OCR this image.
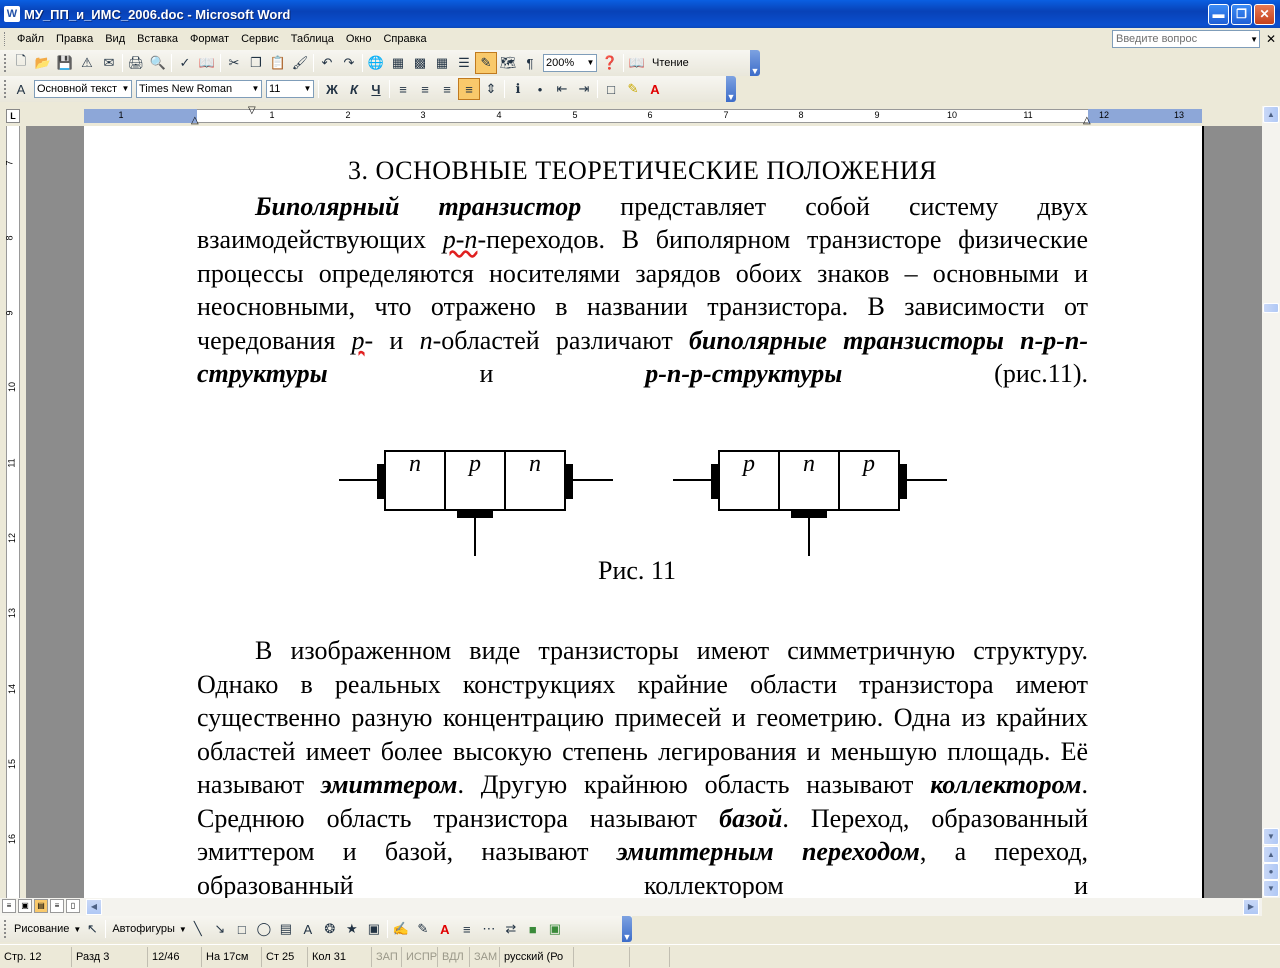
W МУ_ПП_и_ИМС_2006.doc - Microsoft Word	▬ ❐	✕
Файл	Правка	Вид	Вставка	Формат	Сервис	Таблица	Окно	Справка	Введите вопрос	▼ ✕
🗋 📂 💾 ⚠ ✉	🖨 🔍	✓ 📖	✂ ❐ 📋 🖌	↶ ↷	🌐 ▦ ▩ ▦ ☰ ✎ 🗺 ¶	200% ▼ ❓ 📖 Чтение
▼
A	Основной текст ▼ Times New Roman ▼ 11	▼	Ж К	Ч	≡	≡	≡	≡ ⇕	ℹ	•	⇤ ⇥	□ ✎ A
▼
L	1	1	2	3	4	5	6	7	8	9	10	11	12	13
△
▽
△
7
8
9
10
11
12
13
14
15
16
3. ОСНОВНЫЕ ТЕОРЕТИЧЕСКИЕ ПОЛОЖЕНИЯ
Биполярный транзистор представляет собой систему двух взаимодействующих p-n-переходов. В биполярном транзисторе физические процессы определяются носителями зарядов обоих знаков – основными и неосновными, что отражено в названии транзистора. В зависимости от чередования p- и n-областей различают биполярные транзисторы n-p-n-структуры и p-n-p-структуры (рис.11).
n p n	p n p
Рис. 11
В изображенном виде транзисторы имеют симметричную структуру. Однако в реальных конструкциях крайние области транзистора имеют существенно разную концентрацию примесей и геометрию. Одна из крайних областей имеет более высокую степень легирования и меньшую площадь. Её называют эмиттером. Другую крайнюю область называют коллектором. Среднюю область транзистора называют базой. Переход, образованный эмиттером и базой, называют эмиттерным переходом, а переход, образованный коллектором и
▲
▼
▲
●
▼
≡	▣	▤	≡	▯	◀	▶
Рисование ▼ ↖	Автофигуры ▼ ╲ ↘ □ ◯ ▤ A ❂ ★ ▣ ✍ ✎ A	≡ ⋯ ⇄ ■ ▣
▼
Стр. 12	Разд 3	12/46	На 17см	Ст 25	Кол 31	ЗАП ИСПР ВДЛ ЗАМ русский (Ро
